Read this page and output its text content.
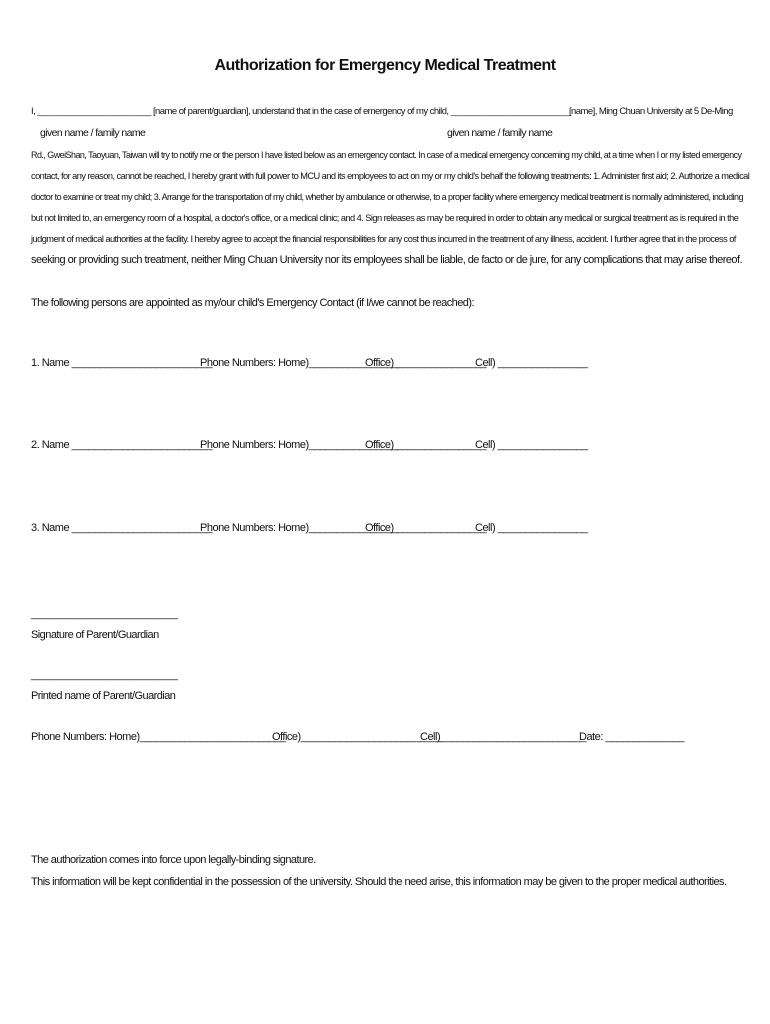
Authorization for Emergency Medical Treatment
I, ________________________ [name of parent/guardian], understand that in the case of emergency of my child, _________________________[name], Ming Chuan University at 5 De-Ming
given name / family name	given name / family name
Rd., GweiShan, Taoyuan, Taiwan will try to notify me or the person I have listed below as an emergency contact. In case of a medical emergency concerning my child, at a time when I or my listed emergency
contact, for any reason, cannot be reached, I hereby grant with full power to MCU and its employees to act on my or my child's behalf the following treatments: 1. Administer first aid; 2. Authorize a medical
doctor to examine or treat my child; 3. Arrange for the transportation of my child, whether by ambulance or otherwise, to a proper facility where emergency medical treatment is normally administered, including
but not limited to, an emergency room of a hospital, a doctor's office, or a medical clinic; and 4. Sign releases as may be required in order to obtain any medical or surgical treatment as is required in the
judgment of medical authorities at the facility. I hereby agree to accept the financial responsibilities for any cost thus incurred in the treatment of any illness, accident. I further agree that in the process of
seeking or providing such treatment, neither Ming Chuan University nor its employees shall be liable, de facto or de jure, for any complications that may arise thereof.
The following persons are appointed as my/our child's Emergency Contact (if I/we cannot be reached):
1. Name _________________________
Phone Numbers: Home)________________
Office) ________________
Cell) ________________
2. Name _________________________
Phone Numbers: Home)________________
Office) ________________
Cell) ________________
3. Name _________________________
Phone Numbers: Home)________________
Office) ________________
Cell) ________________
________________________
Signature of Parent/Guardian
________________________
Printed name of Parent/Guardian
Phone Numbers: Home)__________________________
Office)_________________________
Cell)__________________________
Date: ______________
The authorization comes into force upon legally-binding signature.
This information will be kept confidential in the possession of the university. Should the need arise, this information may be given to the proper medical authorities.
